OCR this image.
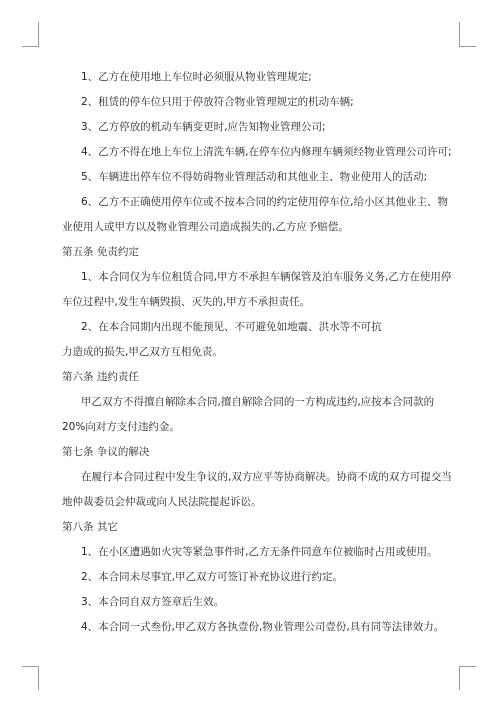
1、乙方在使用地上车位时必须服从物业管理规定;
2、租赁的停车位只用于停放符合物业管理规定的机动车辆;
3、乙方停放的机动车辆变更时,应告知物业管理公司;
4、乙方不得在地上车位上清洗车辆,在停车位内修理车辆须经物业管理公司许可;
5、车辆进出停车位不得妨碍物业管理活动和其他业主、物业使用人的活动;
6、乙方不正确使用停车位或不按本合同的约定使用停车位,给小区其他业主、物
业使用人或甲方以及物业管理公司造成损失的,乙方应予赔偿。
第五条 免责约定
1、本合同仅为车位租赁合同,甲方不承担车辆保管及泊车服务义务,乙方在使用停
车位过程中,发生车辆毁损、灭失的,甲方不承担责任。
2、在本合同期内出现不能预见、不可避免如地震、洪水等不可抗
力造成的损失,甲乙双方互相免责。
第六条 违约责任
甲乙双方不得擅自解除本合同,擅自解除合同的一方构成违约,应按本合同款的
20%向对方支付违约金。
第七条 争议的解决
在履行本合同过程中发生争议的,双方应平等协商解决。协商不成的双方可提交当
地仲裁委员会仲裁或向人民法院提起诉讼。
第八条 其它
1、在小区遭遇如火灾等紧急事件时,乙方无条件同意车位被临时占用或使用。
2、本合同未尽事宜,甲乙双方可签订补充协议进行约定。
3、本合同自双方签章后生效。
4、本合同一式叁份,甲乙双方各执壹份,物业管理公司壹份,具有同等法律效力。
